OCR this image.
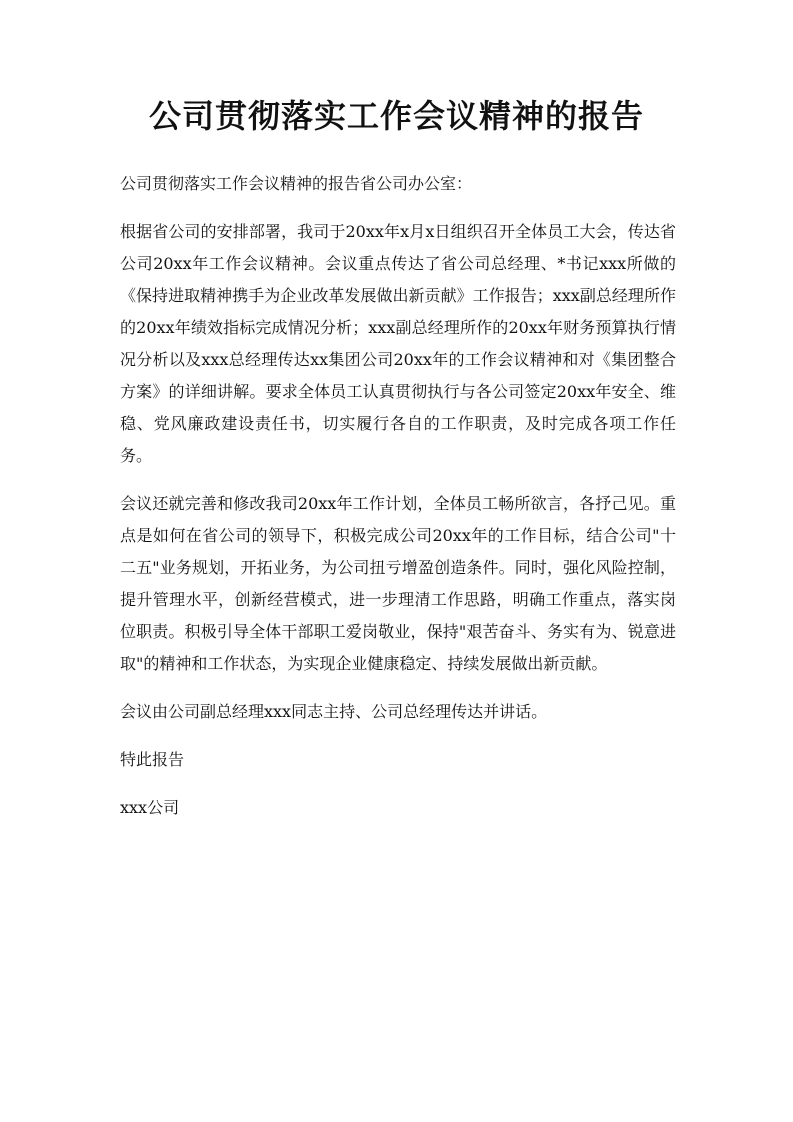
公司贯彻落实工作会议精神的报告

公司贯彻落实工作会议精神的报告省公司办公室：

根据省公司的安排部署，我司于20xx年x月x日组织召开全体员工大会，传达省公司20xx年工作会议精神。会议重点传达了省公司总经理、*书记xxx所做的《保持进取精神携手为企业改革发展做出新贡献》工作报告；xxx副总经理所作的20xx年绩效指标完成情况分析；xxx副总经理所作的20xx年财务预算执行情况分析以及xxx总经理传达xx集团公司20xx年的工作会议精神和对《集团整合方案》的详细讲解。要求全体员工认真贯彻执行与各公司签定20xx年安全、维稳、党风廉政建设责任书，切实履行各自的工作职责，及时完成各项工作任务。

会议还就完善和修改我司20xx年工作计划，全体员工畅所欲言，各抒己见。重点是如何在省公司的领导下，积极完成公司20xx年的工作目标，结合公司"十二五"业务规划，开拓业务，为公司扭亏增盈创造条件。同时，强化风险控制，提升管理水平，创新经营模式，进一步理清工作思路，明确工作重点，落实岗位职责。积极引导全体干部职工爱岗敬业，保持"艰苦奋斗、务实有为、锐意进取"的精神和工作状态，为实现企业健康稳定、持续发展做出新贡献。

会议由公司副总经理xxx同志主持、公司总经理传达并讲话。

特此报告

xxx公司
